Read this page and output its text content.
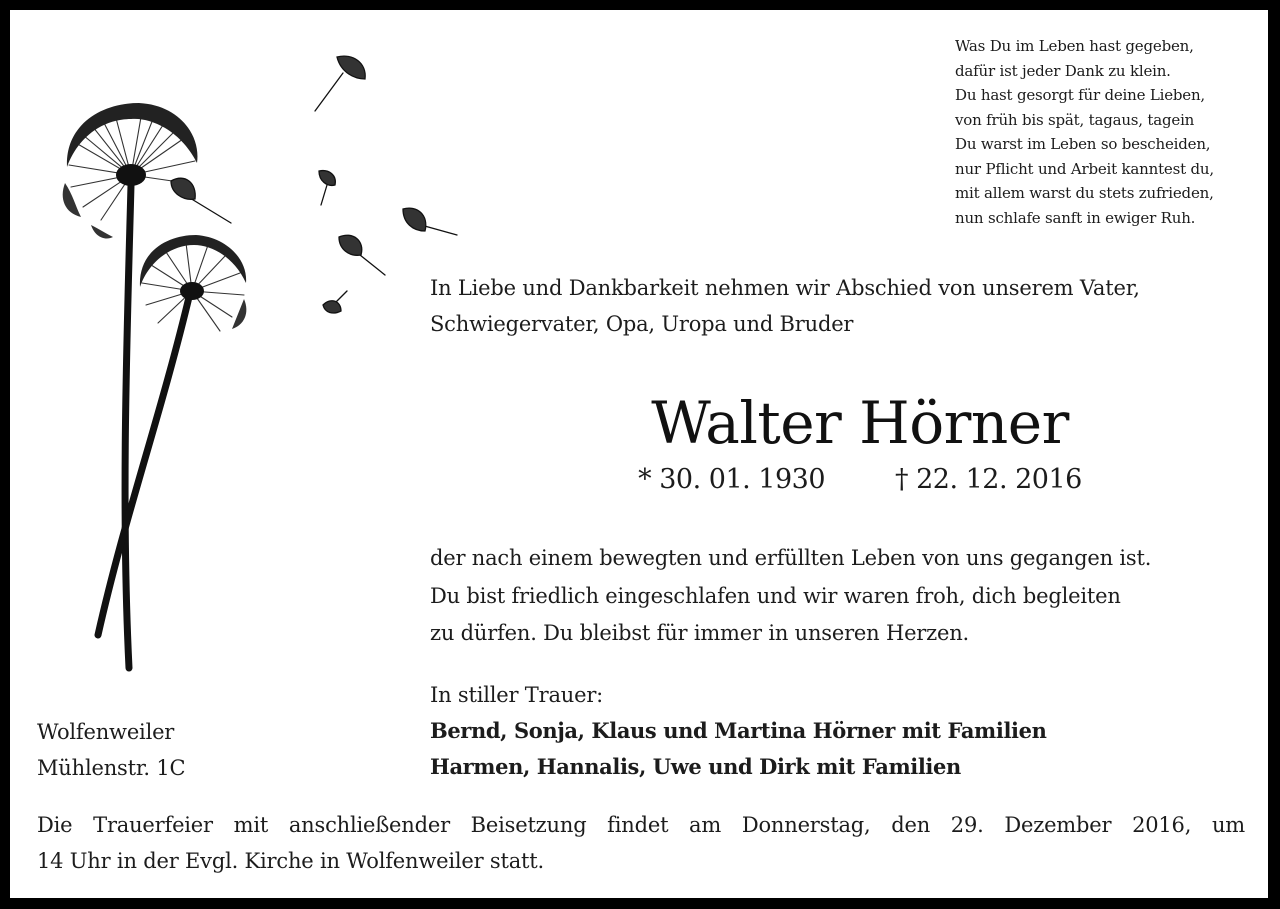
Was Du im Leben hast gegeben,
dafür ist jeder Dank zu klein.
Du hast gesorgt für deine Lieben,
von früh bis spät, tagaus, tagein
Du warst im Leben so bescheiden,
nur Pflicht und Arbeit kanntest du,
mit allem warst du stets zufrieden,
nun schlafe sanft in ewiger Ruh.
In Liebe und Dankbarkeit nehmen wir Abschied von unserem Vater,
Schwiegervater, Opa, Uropa und Bruder
Walter Hörner
* 30. 01. 1930	† 22. 12. 2016
der nach einem bewegten und erfüllten Leben von uns gegangen ist.
Du bist friedlich eingeschlafen und wir waren froh, dich begleiten
zu dürfen. Du bleibst für immer in unseren Herzen.
In stiller Trauer:
Bernd, Sonja, Klaus und Martina Hörner mit Familien
Harmen, Hannalis, Uwe und Dirk mit Familien
Wolfenweiler
Mühlenstr. 1C
Die Trauerfeier mit anschließender Beisetzung findet am Donnerstag, den 29. Dezember 2016, um
14 Uhr in der Evgl. Kirche in Wolfenweiler statt.
